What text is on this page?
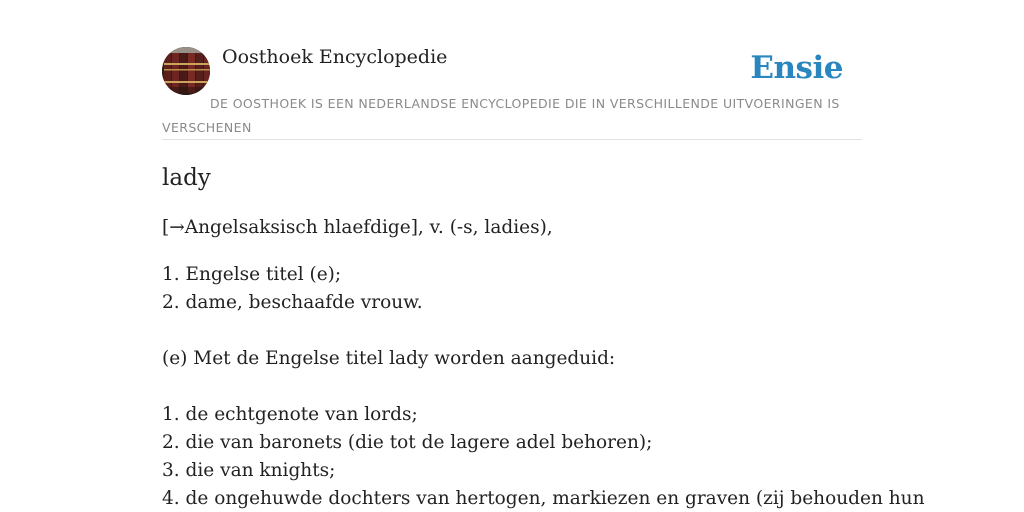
Oosthoek Encyclopedie	Ensie
DE OOSTHOEK IS EEN NEDERLANDSE ENCYCLOPEDIE DIE IN VERSCHILLENDE UITVOERINGEN IS VERSCHENEN
lady

[→Angelsaksisch hlaefdige], v. (-s, ladies),

1. Engelse titel (e);
2. dame, beschaafde vrouw.
(e) Met de Engelse titel lady worden aangeduid:
1. de echtgenote van lords;
2. die van baronets (die tot de lagere adel behoren);
3. die van knights;
4. de ongehuwde dochters van hertogen, markiezen en graven (zij behouden hun
